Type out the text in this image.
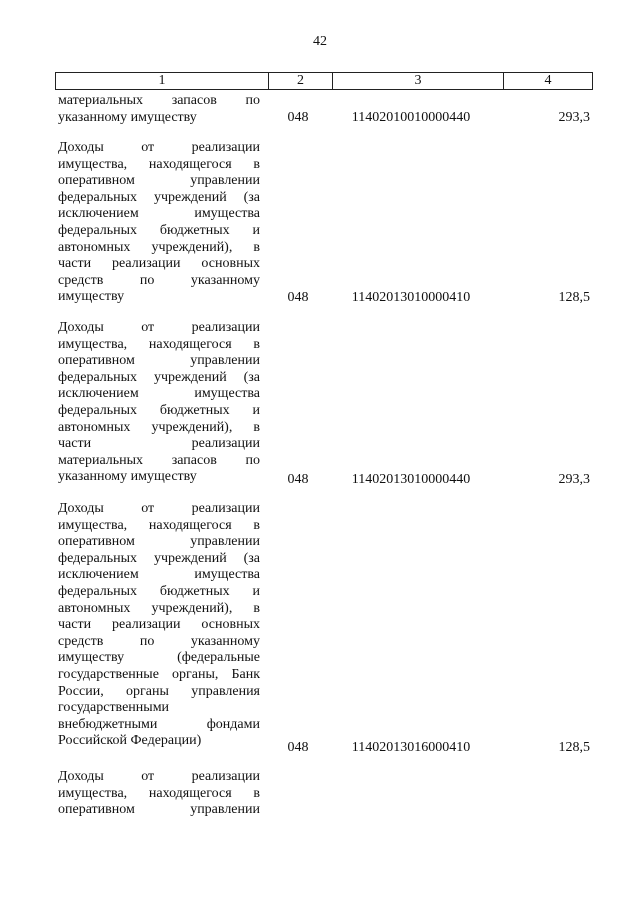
42
1	2	3	4
материальных запасов по
указанному имуществу	048	11402010010000440	293,3
Доходы от реализации
имущества, находящегося в
оперативном управлении
федеральных учреждений (за
исключением имущества
федеральных бюджетных и
автономных учреждений), в
части реализации основных
средств по указанному
имуществу	048	11402013010000410	128,5
Доходы от реализации
имущества, находящегося в
оперативном управлении
федеральных учреждений (за
исключением имущества
федеральных бюджетных и
автономных учреждений), в
части реализации
материальных запасов по
указанному имуществу	048	11402013010000440	293,3
Доходы от реализации
имущества, находящегося в
оперативном управлении
федеральных учреждений (за
исключением имущества
федеральных бюджетных и
автономных учреждений), в
части реализации основных
средств по указанному
имуществу (федеральные
государственные органы, Банк
России, органы управления
государственными
внебюджетными фондами
Российской Федерации)	048	11402013016000410	128,5
Доходы от реализации
имущества, находящегося в
оперативном управлении
